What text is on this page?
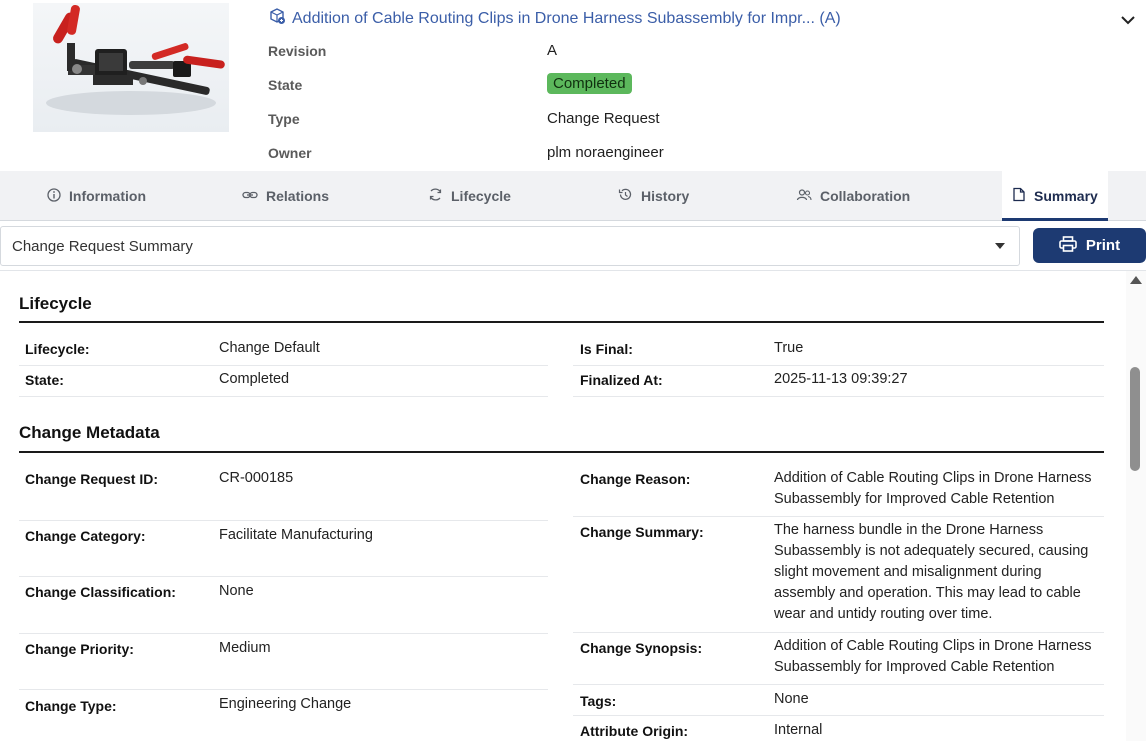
Addition of Cable Routing Clips in Drone Harness Subassembly for Impr... (A)
Revision	A
State	Completed
Type	Change Request
Owner	plm noraengineer
Information	Relations	Lifecycle	History	Collaboration	Summary
Change Request Summary	Print
Lifecycle
Lifecycle:	Change Default
State:	Completed
Is Final:	True
Finalized At:	2025-11-13 09:39:27
Change Metadata
Change Request ID:	CR-000185
Change Category:	Facilitate Manufacturing
Change Classification:	None
Change Priority:	Medium
Change Type:	Engineering Change
Change Reason:	Addition of Cable Routing Clips in Drone Harness Subassembly for Improved Cable Retention
Change Summary:	The harness bundle in the Drone Harness Subassembly is not adequately secured, causing slight movement and misalignment during assembly and operation. This may lead to cable wear and untidy routing over time.
Change Synopsis:	Addition of Cable Routing Clips in Drone Harness Subassembly for Improved Cable Retention
Tags:	None
Attribute Origin:	Internal
